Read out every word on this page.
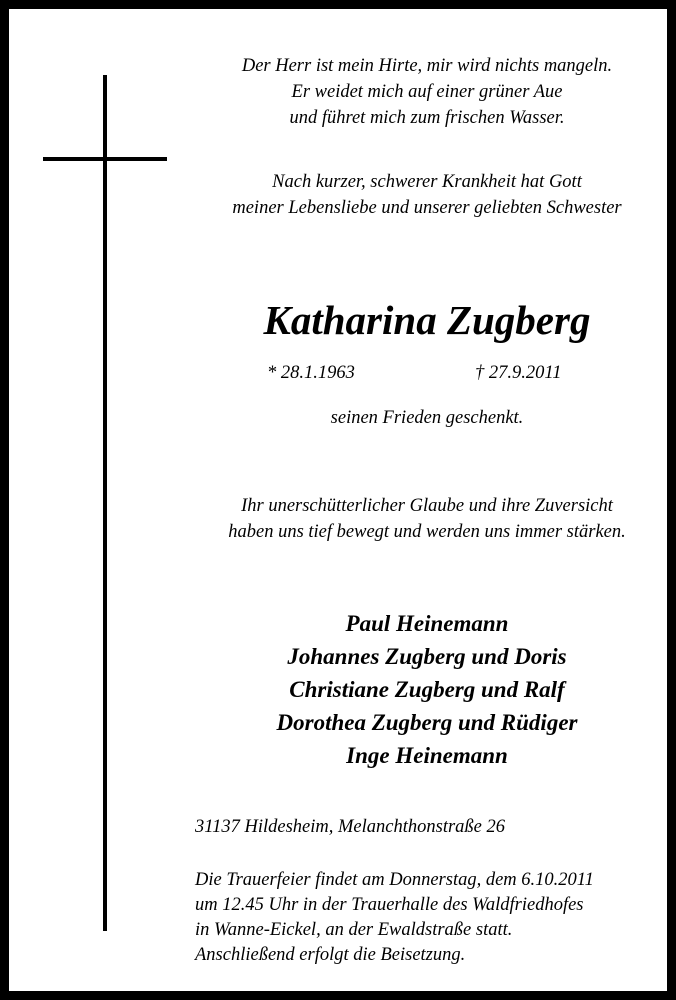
Der Herr ist mein Hirte, mir wird nichts mangeln.
Er weidet mich auf einer grüner Aue
und führet mich zum frischen Wasser.
Nach kurzer, schwerer Krankheit hat Gott
meiner Lebensliebe und unserer geliebten Schwester
Katharina Zugberg
* 28.1.1963	† 27.9.2011
seinen Frieden geschenkt.
Ihr unerschütterlicher Glaube und ihre Zuversicht
haben uns tief bewegt und werden uns immer stärken.
Paul Heinemann
Johannes Zugberg und Doris
Christiane Zugberg und Ralf
Dorothea Zugberg und Rüdiger
Inge Heinemann
31137 Hildesheim, Melanchthonstraße 26
Die Trauerfeier findet am Donnerstag, dem 6.10.2011
um 12.45 Uhr in der Trauerhalle des Waldfriedhofes
in Wanne-Eickel, an der Ewaldstraße statt.
Anschließend erfolgt die Beisetzung.
